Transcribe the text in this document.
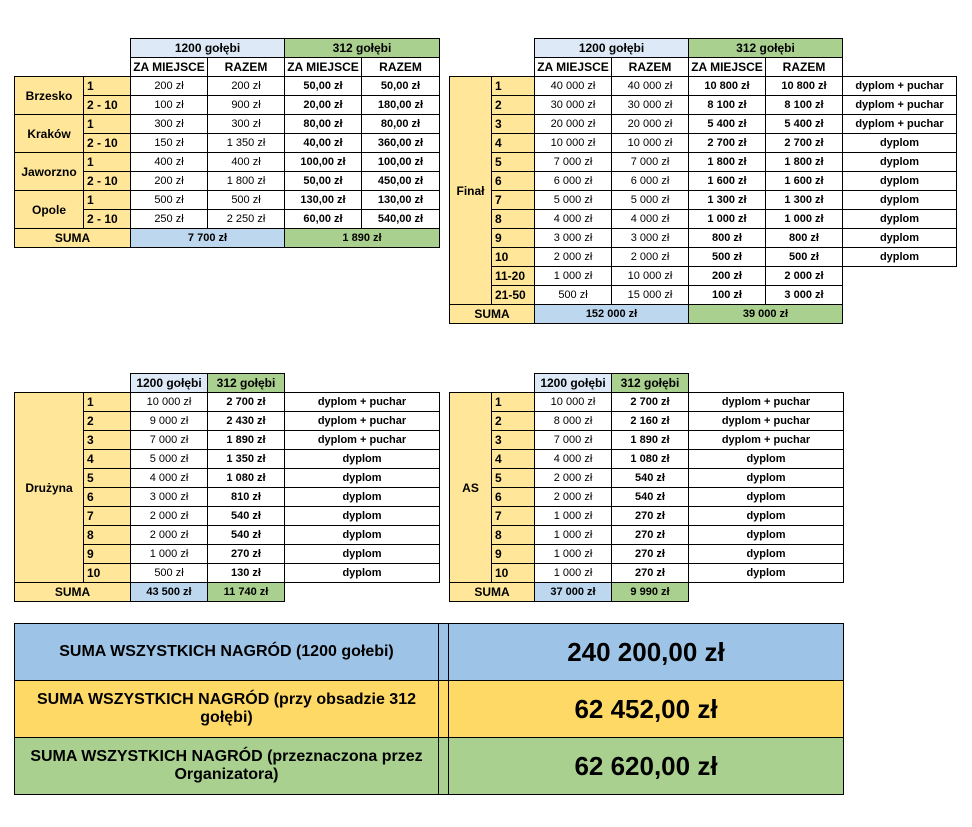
		1200 gołębi		312 gołębi	
		ZA MIEJSCE	RAZEM	ZA MIEJSCE	RAZEM
Brzesko	1	200 zł	200 zł	50,00 zł	50,00 zł
	2 - 10	100 zł	900 zł	20,00 zł	180,00 zł
Kraków	1	300 zł	300 zł	80,00 zł	80,00 zł
	2 - 10	150 zł	1 350 zł	40,00 zł	360,00 zł
Jaworzno	1	400 zł	400 zł	100,00 zł	100,00 zł
	2 - 10	200 zł	1 800 zł	50,00 zł	450,00 zł
Opole	1	500 zł	500 zł	130,00 zł	130,00 zł
	2 - 10	250 zł	2 250 zł	60,00 zł	540,00 zł
SUMA		7 700 zł		1 890 zł	
		1200 gołębi		312 gołębi		
		ZA MIEJSCE	RAZEM	ZA MIEJSCE	RAZEM	
Finał	1	40 000 zł	40 000 zł	10 800 zł	10 800 zł	dyplom + puchar
	2	30 000 zł	30 000 zł	8 100 zł	8 100 zł	dyplom + puchar
	3	20 000 zł	20 000 zł	5 400 zł	5 400 zł	dyplom + puchar
	4	10 000 zł	10 000 zł	2 700 zł	2 700 zł	dyplom
	5	7 000 zł	7 000 zł	1 800 zł	1 800 zł	dyplom
	6	6 000 zł	6 000 zł	1 600 zł	1 600 zł	dyplom
	7	5 000 zł	5 000 zł	1 300 zł	1 300 zł	dyplom
	8	4 000 zł	4 000 zł	1 000 zł	1 000 zł	dyplom
	9	3 000 zł	3 000 zł	800 zł	800 zł	dyplom
	10	2 000 zł	2 000 zł	500 zł	500 zł	dyplom
	11-20	1 000 zł	10 000 zł	200 zł	2 000 zł	
	21-50	500 zł	15 000 zł	100 zł	3 000 zł	
SUMA		152 000 zł		39 000 zł		
		1200 gołębi	312 gołębi	
Drużyna	1	10 000 zł	2 700 zł	dyplom + puchar
	2	9 000 zł	2 430 zł	dyplom + puchar
	3	7 000 zł	1 890 zł	dyplom + puchar
	4	5 000 zł	1 350 zł	dyplom
	5	4 000 zł	1 080 zł	dyplom
	6	3 000 zł	810 zł	dyplom
	7	2 000 zł	540 zł	dyplom
	8	2 000 zł	540 zł	dyplom
	9	1 000 zł	270 zł	dyplom
	10	500 zł	130 zł	dyplom
SUMA		43 500 zł	11 740 zł	
		1200 gołębi	312 gołębi	
AS	1	10 000 zł	2 700 zł	dyplom + puchar
	2	8 000 zł	2 160 zł	dyplom + puchar
	3	7 000 zł	1 890 zł	dyplom + puchar
	4	4 000 zł	1 080 zł	dyplom
	5	2 000 zł	540 zł	dyplom
	6	2 000 zł	540 zł	dyplom
	7	1 000 zł	270 zł	dyplom
	8	1 000 zł	270 zł	dyplom
	9	1 000 zł	270 zł	dyplom
	10	1 000 zł	270 zł	dyplom
SUMA		37 000 zł	9 990 zł	
SUMA WSZYSTKICH NAGRÓD (1200 gołebi)		240 200,00 zł
SUMA WSZYSTKICH NAGRÓD (przy obsadzie 312 gołębi)		62 452,00 zł
SUMA WSZYSTKICH NAGRÓD (przeznaczona przez Organizatora)		62 620,00 zł
